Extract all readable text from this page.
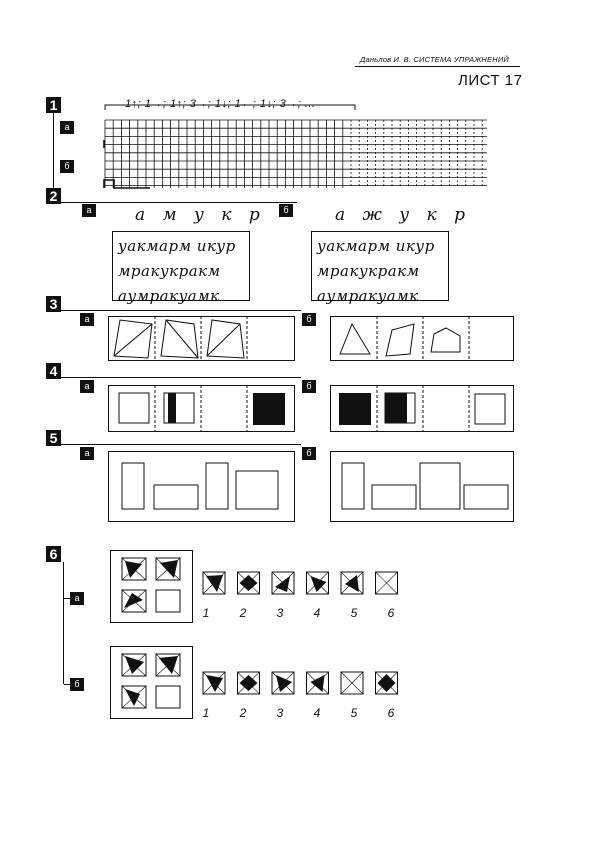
Даньлов И. В. СИСТЕМА УПРАЖНЕНИЙ
ЛИСТ 17
1
а
б
1↑; 1→; 1↑; 3→; 1↓; 1←; 1↓; 3→; ...
2
а	б
а м у к р	а ж у к р
уакмарм икур
мракукракм
аумракуамк
уакмарм икур
мракукракм
аумракуамк
3
а	б
4
а	б
5
а	б
6
а
б
1	2	3	4	5	6
1	2	3	4	5	6
